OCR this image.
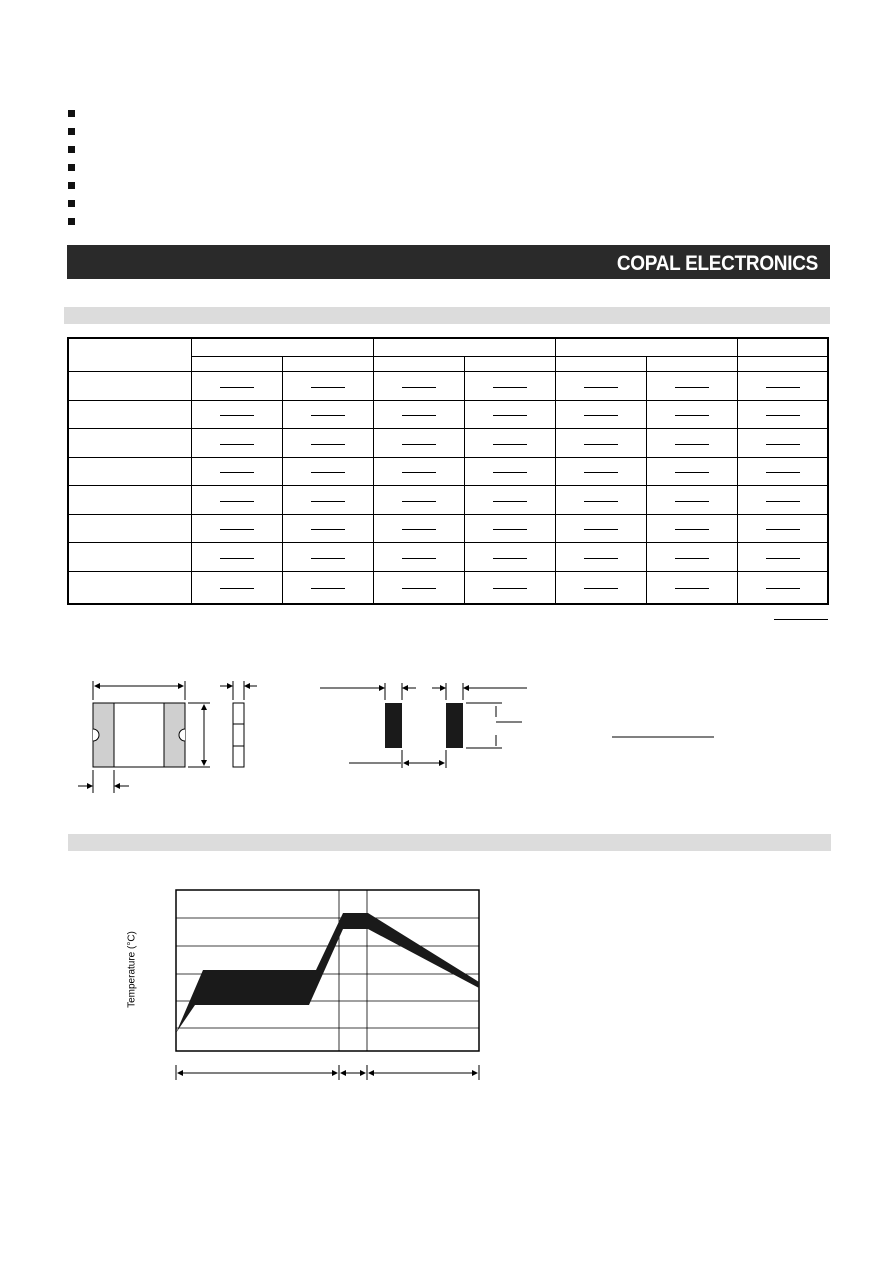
COPAL ELECTRONICS
Temperature (°C)
